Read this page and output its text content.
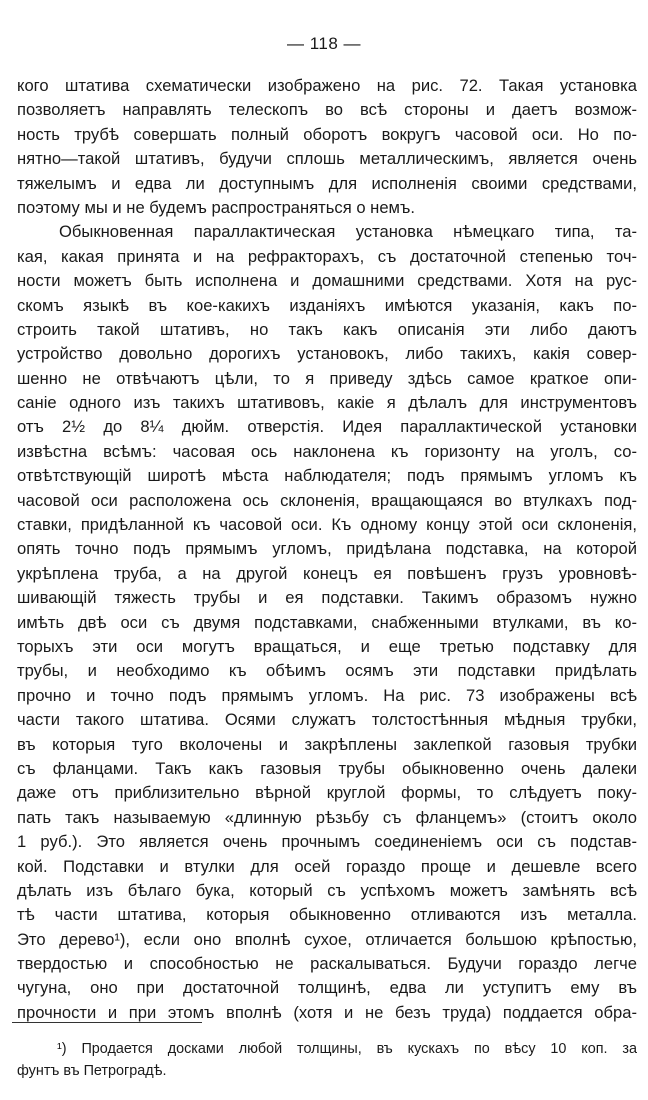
— 118 —
кого штатива схематически изображено на рис. 72. Такая установка
позволяетъ направлять телескопъ во всѣ стороны и даетъ возмож-
ность трубѣ совершать полный оборотъ вокругъ часовой оси. Но по-
нятно—такой штативъ, будучи сплошь металлическимъ, является очень
тяжелымъ и едва ли доступнымъ для исполненія своими средствами,
поэтому мы и не будемъ распространяться о немъ.
Обыкновенная параллактическая установка нѣмецкаго типа, та-
кая, какая принята и на рефракторахъ, съ достаточной степенью точ-
ности можетъ быть исполнена и домашними средствами. Хотя на рус-
скомъ языкѣ въ кое-какихъ изданіяхъ имѣются указанія, какъ по-
строить такой штативъ, но такъ какъ описанія эти либо даютъ
устройство довольно дорогихъ установокъ, либо такихъ, какія совер-
шенно не отвѣчаютъ цѣли, то я приведу здѣсь самое краткое опи-
саніе одного изъ такихъ штативовъ, какіе я дѣлалъ для инструментовъ
отъ 2½ до 8¼ дюйм. отверстія. Идея параллактической установки
извѣстна всѣмъ: часовая ось наклонена къ горизонту на уголъ, со-
отвѣтствующій широтѣ мѣста наблюдателя; подъ прямымъ угломъ къ
часовой оси расположена ось склоненія, вращающаяся во втулкахъ под-
ставки, придѣланной къ часовой оси. Къ одному концу этой оси склоненія,
опять точно подъ прямымъ угломъ, придѣлана подставка, на которой
укрѣплена труба, а на другой конецъ ея повѣшенъ грузъ уровновѣ-
шивающій тяжесть трубы и ея подставки. Такимъ образомъ нужно
имѣть двѣ оси съ двумя подставками, снабженными втулками, въ ко-
торыхъ эти оси могутъ вращаться, и еще третью подставку для
трубы, и необходимо къ обѣимъ осямъ эти подставки придѣлать
прочно и точно подъ прямымъ угломъ. На рис. 73 изображены всѣ
части такого штатива. Осями служатъ толстостѣнныя мѣдныя трубки,
въ которыя туго вколочены и закрѣплены заклепкой газовыя трубки
съ фланцами. Такъ какъ газовыя трубы обыкновенно очень далеки
даже отъ приблизительно вѣрной круглой формы, то слѣдуетъ поку-
пать такъ называемую «длинную рѣзьбу съ фланцемъ» (стоитъ около
1 руб.). Это является очень прочнымъ соединеніемъ оси съ подстав-
кой. Подставки и втулки для осей гораздо проще и дешевле всего
дѣлать изъ бѣлаго бука, который съ успѣхомъ можетъ замѣнять всѣ
тѣ части штатива, которыя обыкновенно отливаются изъ металла.
Это дерево¹), если оно вполнѣ сухое, отличается большою крѣпостью,
твердостью и способностью не раскалываться. Будучи гораздо легче
чугуна, оно при достаточной толщинѣ, едва ли уступитъ ему въ
прочности и при этомъ вполнѣ (хотя и не безъ труда) поддается обра-
¹) Продается досками любой толщины, въ кускахъ по вѣсу 10 коп. за
фунтъ въ Петроградѣ.
